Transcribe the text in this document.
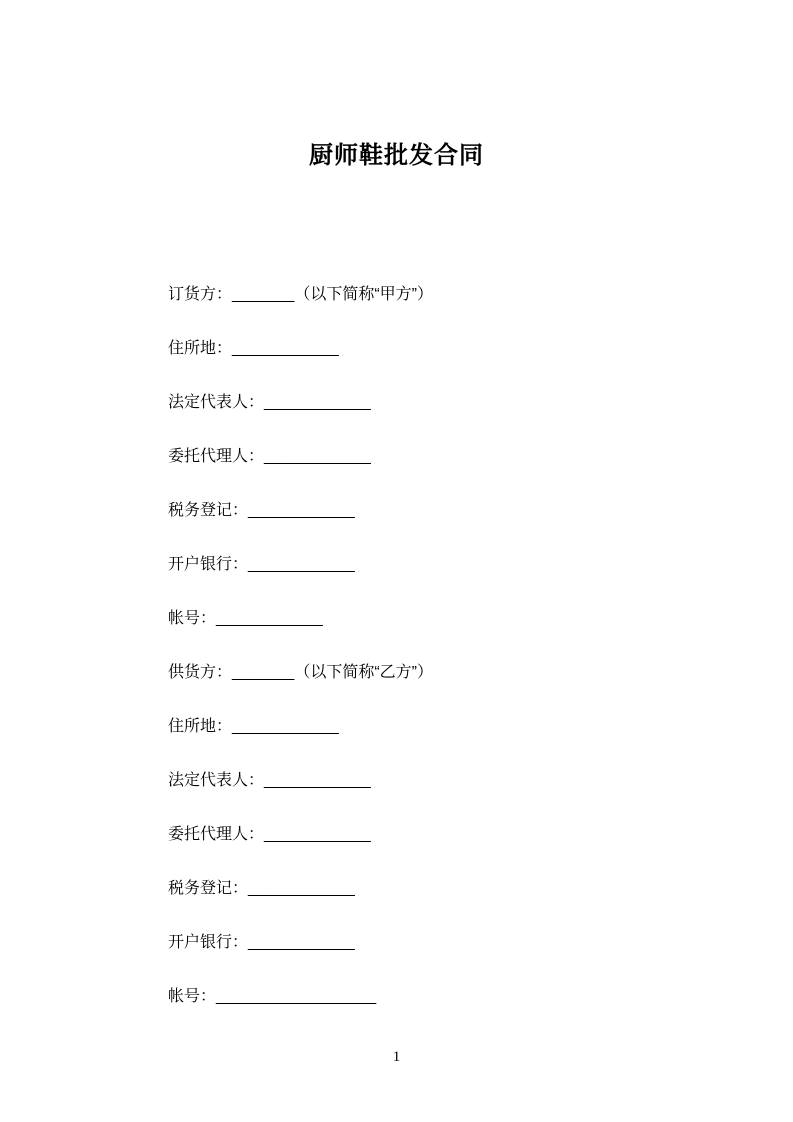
厨师鞋批发合同
订货方：_______（以下简称“甲方”）
住所地：____________
法定代表人：____________
委托代理人：____________
税务登记：____________
开户银行：____________
帐号：____________
供货方：_______（以下简称“乙方”）
住所地：____________
法定代表人：____________
委托代理人：____________
税务登记：____________
开户银行：____________
帐号：__________________
1
